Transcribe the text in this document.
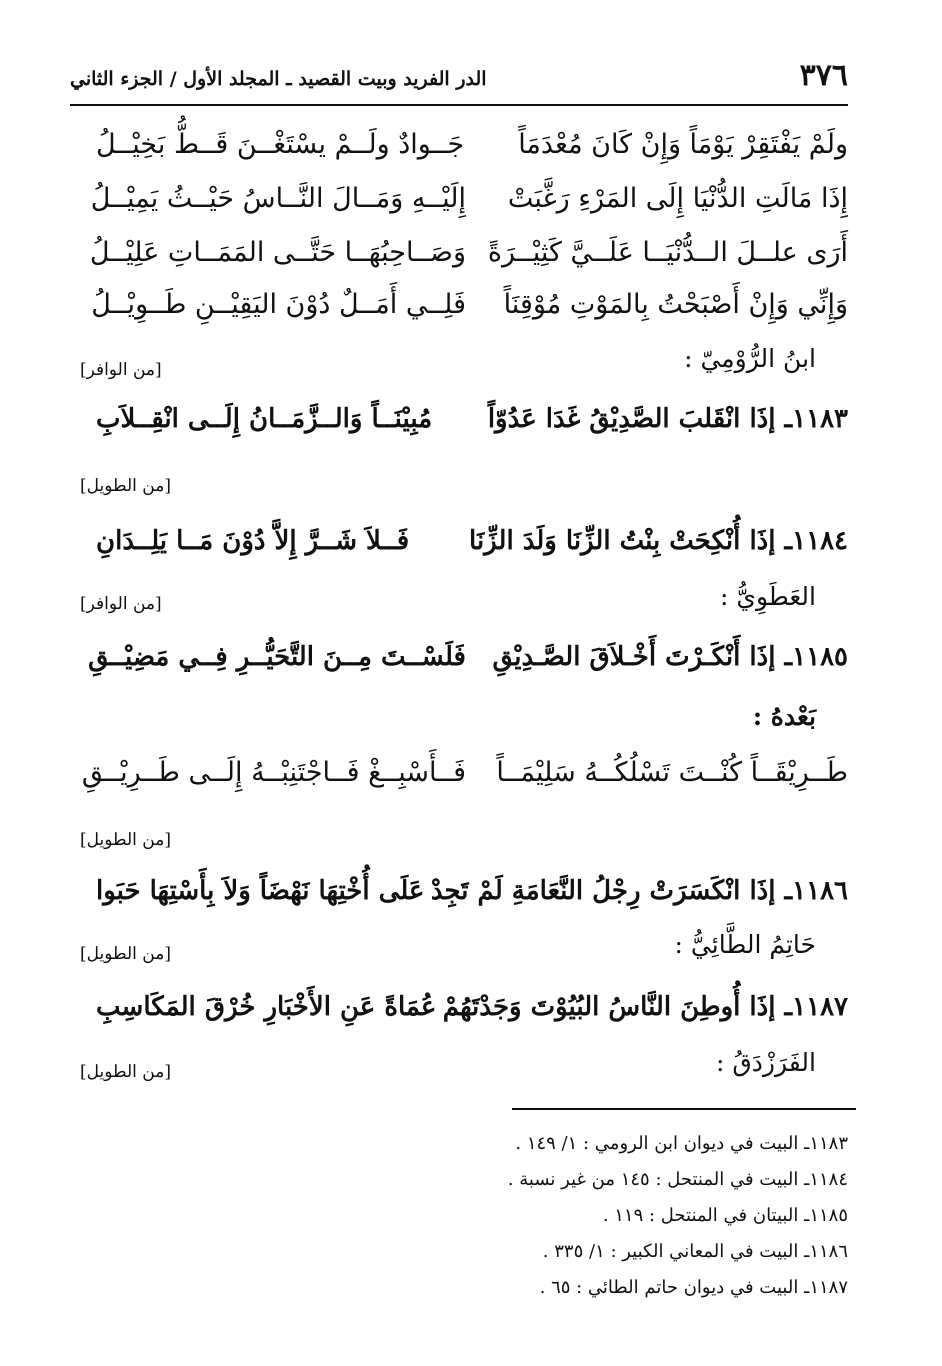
٣٧٦
الدر الفريد وبيت القصيد ـ المجلد الأول / الجزء الثاني
ولَمْ يَفْتَقِرْ يَوْمَاً وَإِنْ كَانَ مُعْدَمَاً
جَــوادٌ ولَــمْ يسْتَغْــنَ قَــطُّ بَخِيْــلُ
إِذَا مَالَتِ الدُّنْيَا إِلَى المَرْءِ رَغَّبَتْ
إِلَيْــهِ وَمَــالَ النَّــاسُ حَيْــثُ يَمِيْــلُ
أَرَى علــلَ الــدُّنْيَــا عَلَــيَّ كَثِيْــرَةً
وَصَــاحِبُهَــا حَتَّــى المَمَــاتِ عَلِيْــلُ
وَإِنِّي وَإِنْ أَصْبَحْتُ بِالمَوْتِ مُوْقِنَاً
فَلِــي أَمَــلٌ دُوْنَ اليَقِيْــنِ طَــوِيْــلُ
ابنُ الرُّوْمِيّ :
[من الوافر]
١١٨٣ـ إذَا انْقَلبَ الصَّدِيْقُ غَدَا عَدُوّاً
مُبِيْنَــاً وَالــزَّمَــانُ إِلَــى انْقِــلاَبِ
[من الطويل]
١١٨٤ـ إذَا أُنْكِحَتْ بِنْتُ الزِّنَا وَلَدَ الزِّنَا
فَــلاَ شَــرَّ إِلاَّ دُوْنَ مَــا يَلِــدَانِ
العَطَوِيُّ :
[من الوافر]
١١٨٥ـ إذَا أَنْكَـرْتَ أَخْـلاَقَ الصَّـدِيْقِ
فَلَسْــتَ مِــنَ التَّحَيُّــرِ فِــي مَضِيْــقِ
بَعْدهُ :
طَــرِيْقَــاً كُنْــتَ تَسْلُكُــهُ سَلِيْمَــاً
فَــأَسْبِــغْ فَــاجْتَنِبْــهُ إِلَــى طَــرِيْــقِ
[من الطويل]
١١٨٦ـ إذَا انْكَسَرَتْ رِجْلُ النَّعَامَةِ لَمْ تَجِدْ
عَلَى أُخْتِهَا نَهْضَاً وَلاَ بِأَسْتِهَا حَبَوا
حَاتِمُ الطَّائِيُّ :
[من الطويل]
١١٨٧ـ إذَا أُوطِنَ النَّاسُ البُيُوْتَ وَجَدْتَهُمْ
عُمَاةً عَنِ الأَخْبَارِ خُرْقَ المَكَاسِبِ
الفَرَزْدَقُ :
[من الطويل]
١١٨٣ـ البيت في ديوان ابن الرومي : ١/ ١٤٩ .
١١٨٤ـ البيت في المنتحل : ١٤٥ من غير نسبة .
١١٨٥ـ البيتان في المنتحل : ١١٩ .
١١٨٦ـ البيت في المعاني الكبير : ١/ ٣٣٥ .
١١٨٧ـ البيت في ديوان حاتم الطائي : ٦٥ .
